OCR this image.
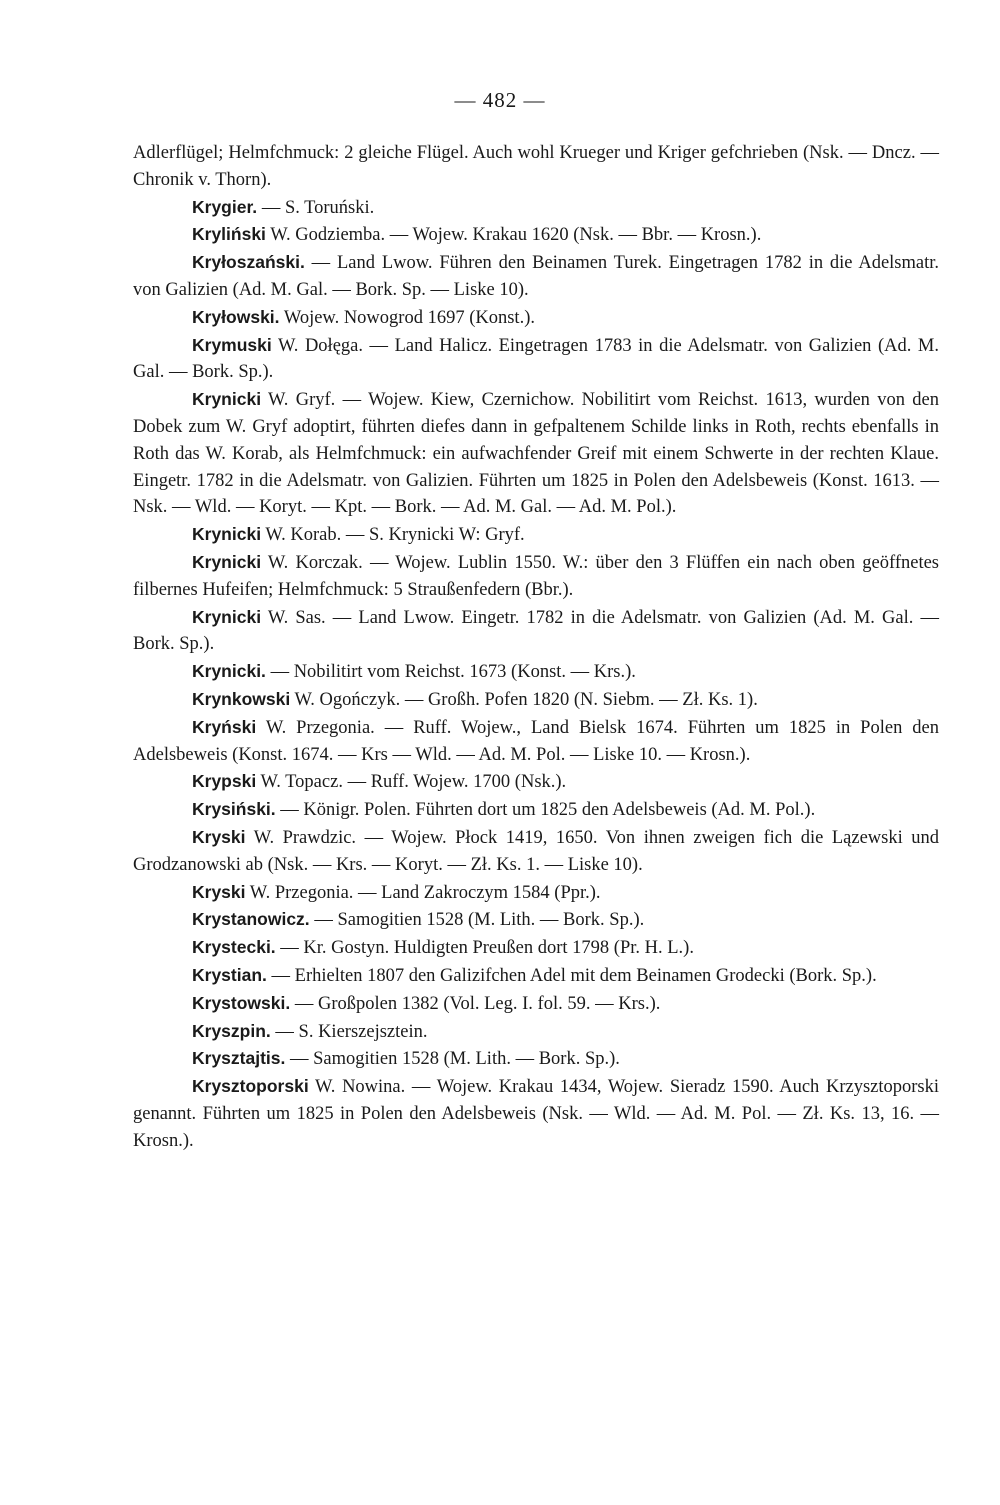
— 482 —

Adlerflügel; Helmfchmuck: 2 gleiche Flügel. Auch wohl Krueger und Kriger gefchrieben (Nsk. — Dncz. — Chronik v. Thorn).

Krygier. — S. Toruński.

Kryliński W. Godziemba. — Wojew. Krakau 1620 (Nsk. — Bbr. — Krosn.).

Kryłoszański. — Land Lwow. Führen den Beinamen Turek. Eingetragen 1782 in die Adelsmatr. von Galizien (Ad. M. Gal. — Bork. Sp. — Liske 10).

Kryłowski. Wojew. Nowogrod 1697 (Konst.).

Krymuski W. Dołęga. — Land Halicz. Eingetragen 1783 in die Adelsmatr. von Galizien (Ad. M. Gal. — Bork. Sp.).

Krynicki W. Gryf. — Wojew. Kiew, Czernichow. Nobilitirt vom Reichst. 1613, wurden von den Dobek zum W. Gryf adoptirt, führten diefes dann in gefpaltenem Schilde links in Roth, rechts ebenfalls in Roth das W. Korab, als Helmfchmuck: ein aufwachfender Greif mit einem Schwerte in der rechten Klaue. Eingetr. 1782 in die Adelsmatr. von Galizien. Führten um 1825 in Polen den Adelsbeweis (Konst. 1613. — Nsk. — Wld. — Koryt. — Kpt. — Bork. — Ad. M. Gal. — Ad. M. Pol.).

Krynicki W. Korab. — S. Krynicki W: Gryf.

Krynicki W. Korczak. — Wojew. Lublin 1550. W.: über den 3 Flüffen ein nach oben geöffnetes filbernes Hufeifen; Helmfchmuck: 5 Straußenfedern (Bbr.).

Krynicki W. Sas. — Land Lwow. Eingetr. 1782 in die Adelsmatr. von Galizien (Ad. M. Gal. — Bork. Sp.).

Krynicki. — Nobilitirt vom Reichst. 1673 (Konst. — Krs.).

Krynkowski W. Ogończyk. — Großh. Pofen 1820 (N. Siebm. — Zł. Ks. 1).

Kryński W. Przegonia. — Ruff. Wojew., Land Bielsk 1674. Führten um 1825 in Polen den Adelsbeweis (Konst. 1674. — Krs — Wld. — Ad. M. Pol. — Liske 10. — Krosn.).

Krypski W. Topacz. — Ruff. Wojew. 1700 (Nsk.).

Krysiński. — Königr. Polen. Führten dort um 1825 den Adelsbeweis (Ad. M. Pol.).

Kryski W. Prawdzic. — Wojew. Płock 1419, 1650. Von ihnen zweigen fich die Lązewski und Grodzanowski ab (Nsk. — Krs. — Koryt. — Zł. Ks. 1. — Liske 10).

Kryski W. Przegonia. — Land Zakroczym 1584 (Ppr.).

Krystanowicz. — Samogitien 1528 (M. Lith. — Bork. Sp.).

Krystecki. — Kr. Gostyn. Huldigten Preußen dort 1798 (Pr. H. L.).

Krystian. — Erhielten 1807 den Galizifchen Adel mit dem Beinamen Grodecki (Bork. Sp.).

Krystowski. — Großpolen 1382 (Vol. Leg. I. fol. 59. — Krs.).

Kryszpin. — S. Kierszejsztein.

Krysztajtis. — Samogitien 1528 (M. Lith. — Bork. Sp.).

Krysztoporski W. Nowina. — Wojew. Krakau 1434, Wojew. Sieradz 1590. Auch Krzysztoporski genannt. Führten um 1825 in Polen den Adelsbeweis (Nsk. — Wld. — Ad. M. Pol. — Zł. Ks. 13, 16. — Krosn.).
